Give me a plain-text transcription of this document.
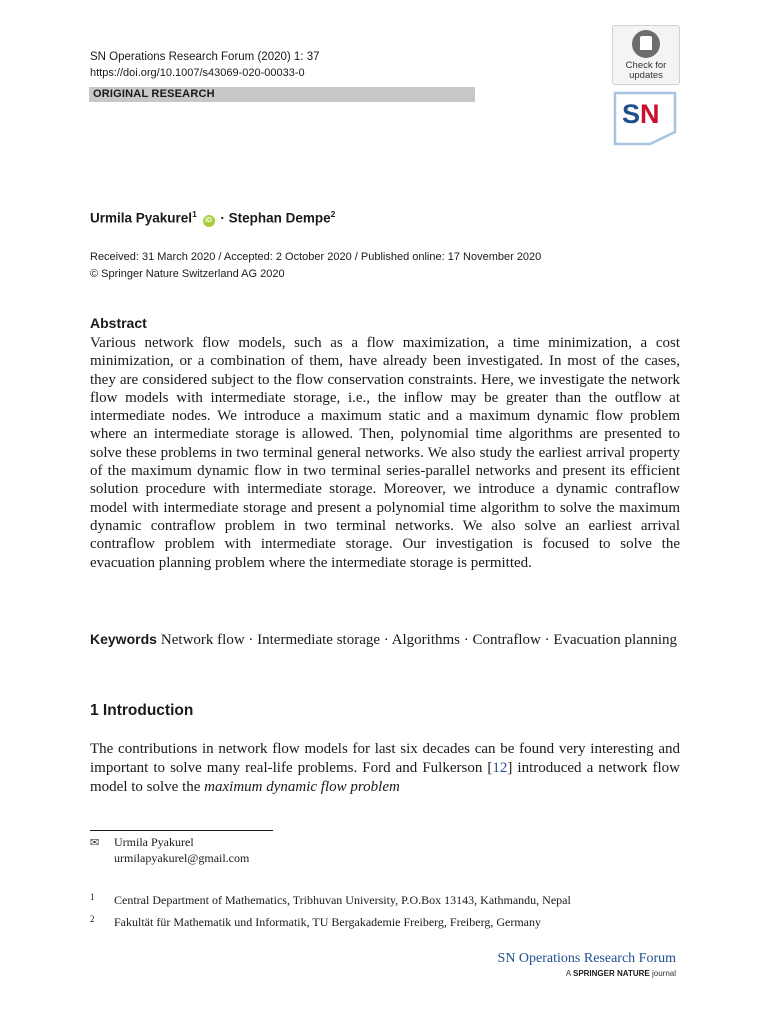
SN Operations Research Forum (2020) 1: 37
https://doi.org/10.1007/s43069-020-00033-0
ORIGINAL RESEARCH
Check for
updates
SN
Urmila Pyakurel$^1$ iD · Stephan Dempe$^2$
Received: 31 March 2020 / Accepted: 2 October 2020 / Published online: 17 November 2020
© Springer Nature Switzerland AG 2020
Abstract
Various network flow models, such as a flow maximization, a time minimization, a cost minimization, or a combination of them, have already been investigated. In most of the cases, they are considered subject to the flow conservation constraints. Here, we investigate the network flow models with intermediate storage, i.e., the inflow may be greater than the outflow at intermediate nodes. We introduce a maximum static and a maximum dynamic flow problem where an intermediate storage is allowed. Then, polynomial time algorithms are presented to solve these problems in two terminal general networks. We also study the earliest arrival property of the maximum dynamic flow in two terminal series-parallel networks and present its efficient solution procedure with intermediate storage. Moreover, we introduce a dynamic contraflow model with intermediate storage and present a polynomial time algorithm to solve the maximum dynamic contraflow problem in two terminal networks. We also solve an earliest arrival contraflow problem with intermediate storage. Our investigation is focused to solve the evacuation planning problem where the intermediate storage is permitted.
Keywords Network flow · Intermediate storage · Algorithms · Contraflow · Evacuation planning
1 Introduction
The contributions in network flow models for last six decades can be found very interesting and important to solve many real-life problems. Ford and Fulkerson [12] introduced a network flow model to solve the maximum dynamic flow problem
✉ Urmila Pyakurel
urmilapyakurel@gmail.com
1 Central Department of Mathematics, Tribhuvan University, P.O.Box 13143, Kathmandu, Nepal
2 Fakultät für Mathematik und Informatik, TU Bergakademie Freiberg, Freiberg, Germany
SN Operations Research Forum
A SPRINGER NATURE journal
